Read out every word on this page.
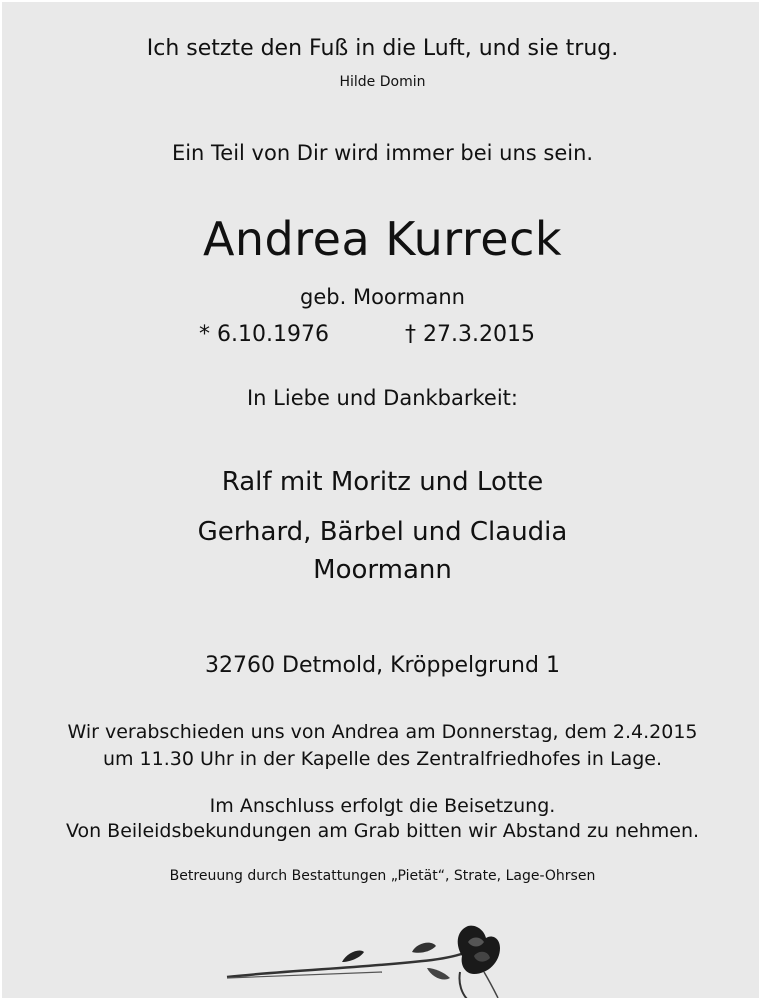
Ich setzte den Fuß in die Luft, und sie trug.
Hilde Domin
Ein Teil von Dir wird immer bei uns sein.
Andrea Kurreck
geb. Moormann
* 6.10.1976	† 27.3.2015
In Liebe und Dankbarkeit:
Ralf mit Moritz und Lotte
Gerhard, Bärbel und Claudia
Moormann
32760 Detmold, Kröppelgrund 1
Wir verabschieden uns von Andrea am Donnerstag, dem 2.4.2015
um 11.30 Uhr in der Kapelle des Zentralfriedhofes in Lage.
Im Anschluss erfolgt die Beisetzung.
Von Beileidsbekundungen am Grab bitten wir Abstand zu nehmen.
Betreuung durch Bestattungen „Pietät“, Strate, Lage-Ohrsen
